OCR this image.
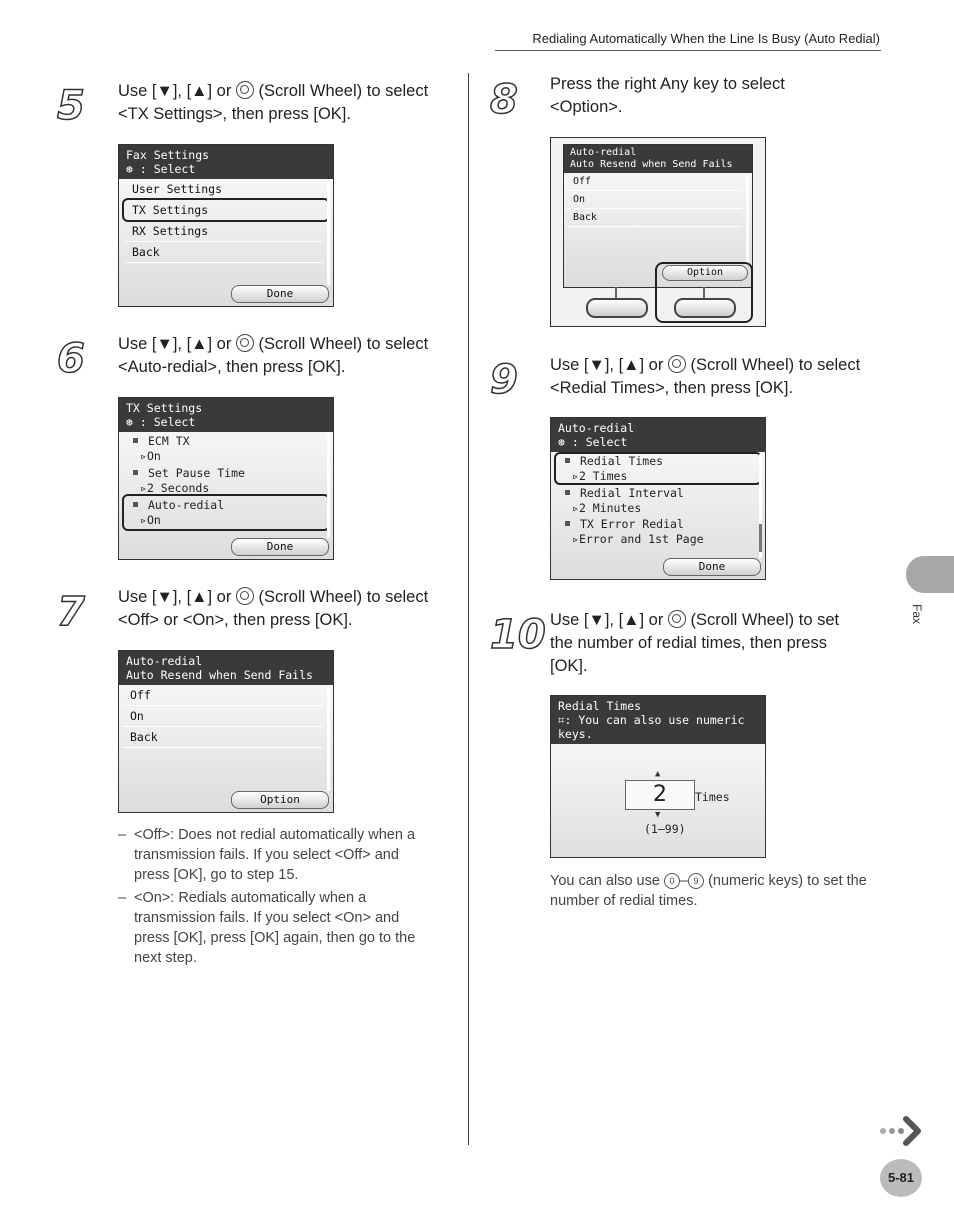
Redialing Automatically When the Line Is Busy (Auto Redial)
5 Use [▼], [▲] or (Scroll Wheel) to select
<TX Settings>, then press [OK].
Fax Settings
⊛ : Select
User Settings
TX Settings
RX Settings
Back
Done
6 Use [▼], [▲] or (Scroll Wheel) to select
<Auto-redial>, then press [OK].
TX Settings
⊛ : Select
ECM TX
▹On
Set Pause Time
▹2 Seconds
Auto-redial
▹On
Done
7 Use [▼], [▲] or (Scroll Wheel) to select
<Off> or <On>, then press [OK].
Auto-redial
Auto Resend when Send Fails
Off
On
Back
Option
– <Off>: Does not redial automatically when a
transmission fails. If you select <Off> and
press [OK], go to step 15.
– <On>: Redials automatically when a
transmission fails. If you select <On> and
press [OK], press [OK] again, then go to the
next step.
8 Press the right Any key to select
<Option>.
Auto-redial
Auto Resend when Send Fails
Off
On
Back
Option
9 Use [▼], [▲] or (Scroll Wheel) to select
<Redial Times>, then press [OK].
Auto-redial
⊛ : Select
Redial Times
▹2 Times
Redial Interval
▹2 Minutes
TX Error Redial
▹Error and 1st Page
Done
10 Use [▼], [▲] or (Scroll Wheel) to set
the number of redial times, then press
[OK].
Redial Times
⌗: You can also use numeric keys.
▲
2	Times
▼
(1–99)
You can also use 0 – 9 (numeric keys) to set the
number of redial times.
Fax
5-81
